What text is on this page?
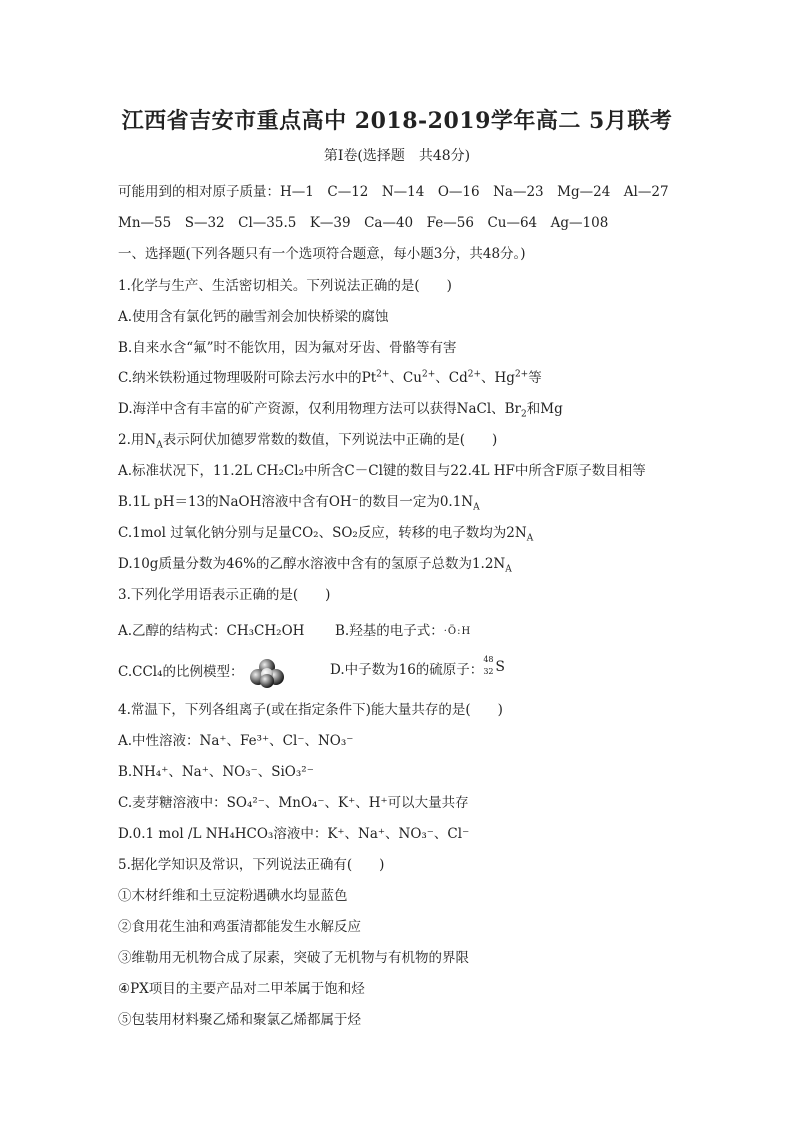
江西省吉安市重点高中 2018-2019学年高二 5月联考
第Ⅰ卷(选择题　共48分)
可能用到的相对原子质量：H—1　C—12　N—14　O—16　Na—23　Mg—24　Al—27
Mn—55　S—32　Cl—35.5　K—39　Ca—40　Fe—56　Cu—64　Ag—108
一、选择题(下列各题只有一个选项符合题意，每小题3分，共48分。)
1.化学与生产、生活密切相关。下列说法正确的是(　　)
A.使用含有氯化钙的融雪剂会加快桥梁的腐蚀
B.自来水含“氟”时不能饮用，因为氟对牙齿、骨骼等有害
C.纳米铁粉通过物理吸附可除去污水中的$Pt^{2+}$、$Cu^{2+}$、$Cd^{2+}$、$Hg^{2+}$等
D.海洋中含有丰富的矿产资源，仅利用物理方法可以获得NaCl、$Br_2$和Mg
2.用$N_A$表示阿伏加德罗常数的数值，下列说法中正确的是(　　)
A.标准状况下，11.2L CH₂Cl₂中所含C－Cl键的数目与22.4L HF中所含F原子数目相等
B.1L pH＝13的NaOH溶液中含有OH⁻的数目一定为$0.1N_A$
C.1mol 过氧化钠分别与足量CO₂、SO₂反应，转移的电子数均为$2N_A$
D.10g质量分数为46%的乙醇水溶液中含有的氢原子总数为$1.2N_A$
3.下列化学用语表示正确的是(　　)
A.乙醇的结构式：CH₃CH₂OH B.羟基的电子式：·Ö:H
C.CCl₄的比例模型：	D.中子数为16的硫原子：
48
32 S
4.常温下，下列各组离子(或在指定条件下)能大量共存的是(　　)
A.中性溶液：Na⁺、Fe³⁺、Cl⁻、NO₃⁻
B.NH₄⁺、Na⁺、NO₃⁻、SiO₃²⁻
C.麦芽糖溶液中：SO₄²⁻、MnO₄⁻、K⁺、H⁺可以大量共存
D.0.1 mol /L NH₄HCO₃溶液中：K⁺、Na⁺、NO₃⁻、Cl⁻
5.据化学知识及常识，下列说法正确有(　　)
①木材纤维和土豆淀粉遇碘水均显蓝色
②食用花生油和鸡蛋清都能发生水解反应
③维勒用无机物合成了尿素，突破了无机物与有机物的界限
④PX项目的主要产品对二甲苯属于饱和烃
⑤包装用材料聚乙烯和聚氯乙烯都属于烃
